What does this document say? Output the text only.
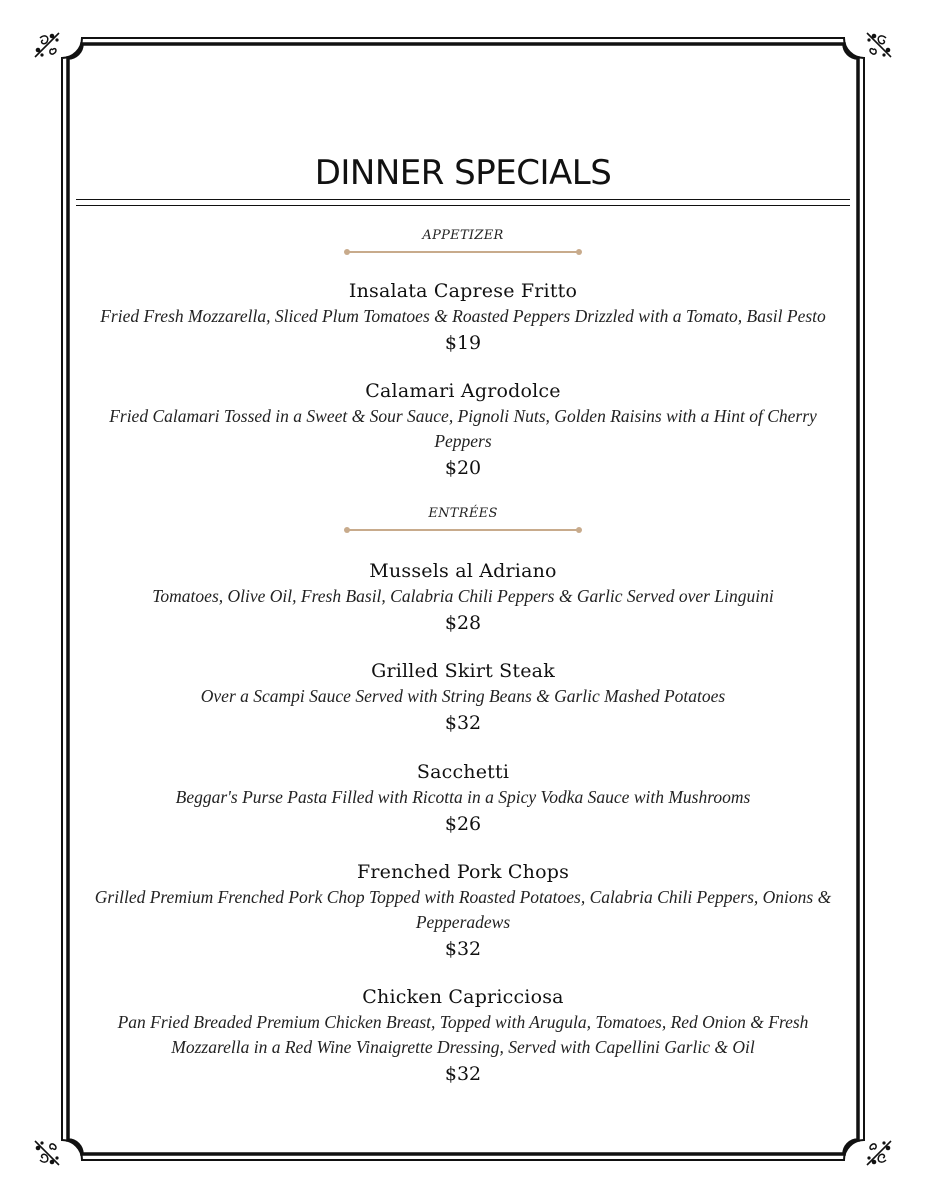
DINNER SPECIALS
APPETIZER
Insalata Caprese Fritto
Fried Fresh Mozzarella, Sliced Plum Tomatoes & Roasted Peppers Drizzled with a Tomato, Basil Pesto
$19
Calamari Agrodolce
Fried Calamari Tossed in a Sweet & Sour Sauce, Pignoli Nuts, Golden Raisins with a Hint of Cherry Peppers
$20
ENTRÉES
Mussels al Adriano
Tomatoes, Olive Oil, Fresh Basil, Calabria Chili Peppers & Garlic Served over Linguini
$28
Grilled Skirt Steak
Over a Scampi Sauce Served with String Beans & Garlic Mashed Potatoes
$32
Sacchetti
Beggar's Purse Pasta Filled with Ricotta in a Spicy Vodka Sauce with Mushrooms
$26
Frenched Pork Chops
Grilled Premium Frenched Pork Chop Topped with Roasted Potatoes, Calabria Chili Peppers, Onions & Pepperadews
$32
Chicken Capricciosa
Pan Fried Breaded Premium Chicken Breast, Topped with Arugula, Tomatoes, Red Onion & Fresh Mozzarella in a Red Wine Vinaigrette Dressing, Served with Capellini Garlic & Oil
$32
